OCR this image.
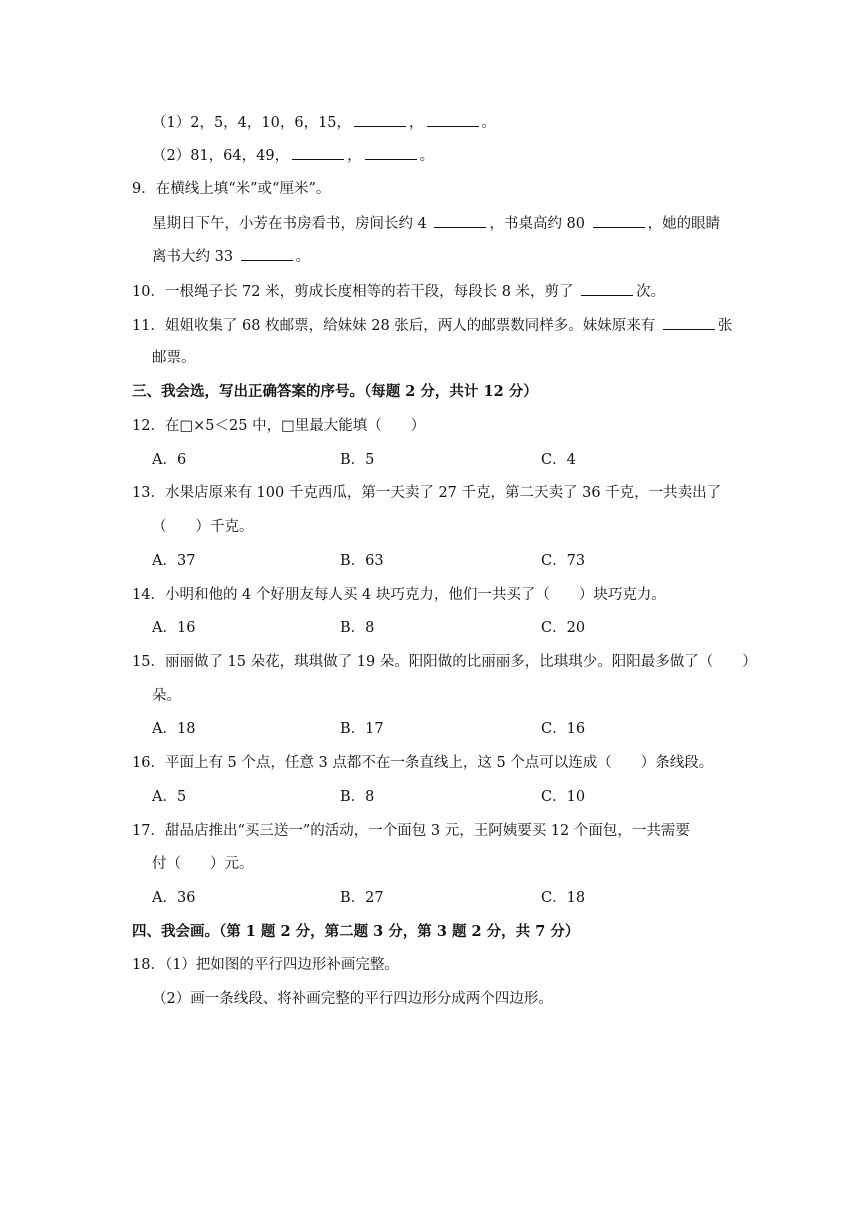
（1）2，5，4，10，6，15，	，	。
（2）81，64，49，	，	。
9．在横线上填“米”或“厘米”。
星期日下午，小芳在书房看书，房间长约 4	，书桌高约 80	，她的眼睛
离书大约 33	。
10．一根绳子长 72 米，剪成长度相等的若干段，每段长 8 米，剪了	次。
11．姐姐收集了 68 枚邮票，给妹妹 28 张后，两人的邮票数同样多。妹妹原来有	张
邮票。
三、我会选，写出正确答案的序号。（每题 2 分，共计 12 分）
12．在□×5＜25 中，□里最大能填（　　）
A．6	B．5	C．4
13．水果店原来有 100 千克西瓜，第一天卖了 27 千克，第二天卖了 36 千克，一共卖出了
（　　）千克。
A．37	B．63	C．73
14．小明和他的 4 个好朋友每人买 4 块巧克力，他们一共买了（　　）块巧克力。
A．16	B．8	C．20
15．丽丽做了 15 朵花，琪琪做了 19 朵。阳阳做的比丽丽多，比琪琪少。阳阳最多做了（　　）
朵。
A．18	B．17	C．16
16．平面上有 5 个点，任意 3 点都不在一条直线上，这 5 个点可以连成（　　）条线段。
A．5	B．8	C．10
17．甜品店推出“买三送一”的活动，一个面包 3 元，王阿姨要买 12 个面包，一共需要
付（　　）元。
A．36	B．27	C．18
四、我会画。（第 1 题 2 分，第二题 3 分，第 3 题 2 分，共 7 分）
18．（1）把如图的平行四边形补画完整。
（2）画一条线段、将补画完整的平行四边形分成两个四边形。
